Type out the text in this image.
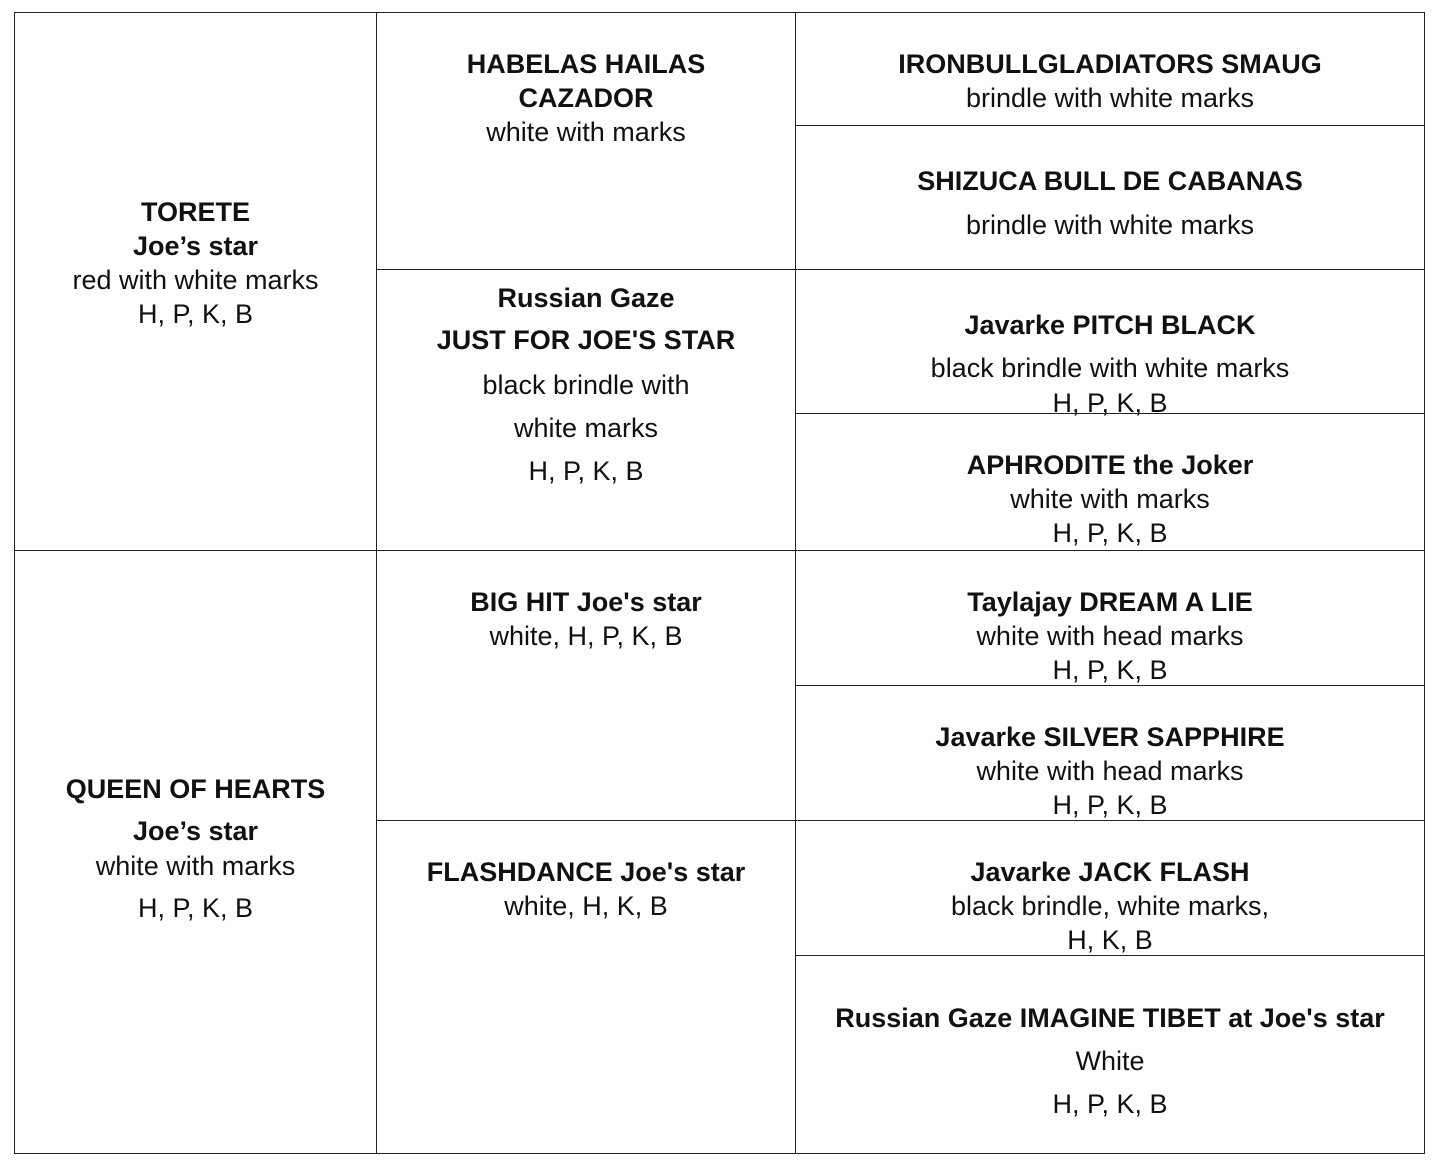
TORETE
Joe’s star
red with white marks
H, P, K, B
HABELAS HAILAS
CAZADOR
white with marks
Russian Gaze
JUST FOR JOE'S STAR
black brindle with
white marks
H, P, K, B
IRONBULLGLADIATORS SMAUG
brindle with white marks
SHIZUCA BULL DE CABANAS
brindle with white marks
Javarke PITCH BLACK
black brindle with white marks
H, P, K, B
APHRODITE the Joker
white with marks
H, P, K, B
QUEEN OF HEARTS
Joe’s star
white with marks
H, P, K, B
BIG HIT Joe's star
white, H, P, K, B
FLASHDANCE Joe's star
white, H, K, B
Taylajay DREAM A LIE
white with head marks
H, P, K, B
Javarke SILVER SAPPHIRE
white with head marks
H, P, K, B
Javarke JACK FLASH
black brindle, white marks,
H, K, B
Russian Gaze IMAGINE TIBET at Joe's star
White
H, P, K, B
